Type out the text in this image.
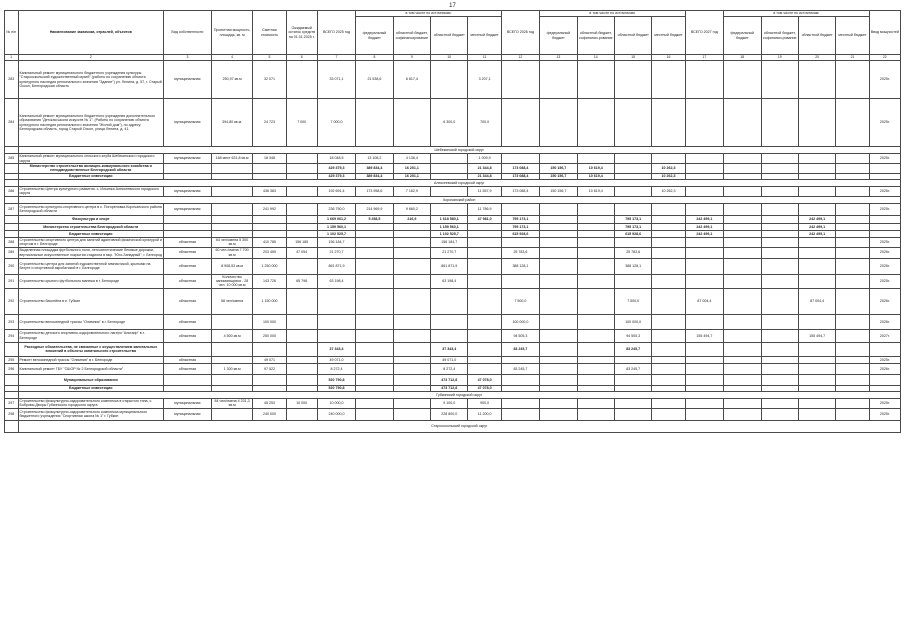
17
№ п/п	Наименование заказчика, отраслей, объектов	Вид собственности	Проектная мощность, площадь, кв. м	Сметная стоимость	Ожидаемый остаток средств на 01.01.2025 г.	ВСЕГО 2025 год	в том числе по источникам:				ВСЕГО 2026 год	в том числе по источникам:				ВСЕГО 2027 год	в том числе по источникам:				Ввод мощностей
							федеральный бюджет	областной бюджет, софинансирование	областной бюджет	местный бюджет		федеральный бюджет	областной бюджет, софинанси-рование	областной бюджет	местный бюджет		федеральный бюджет	областной бюджет, софинанси-рование	областной бюджет	местный бюджет	
1	2	3	4	5	6	7	8	9	10	11	12	13	14	15	16	17	18	19	20	21	22
283	Капитальный ремонт муниципального бюджетного учреждения культуры "Старооскольский художественный музей" (работы по сохранению объекта культурного наследия регионального значения "Здание") ул. Ленина, д. 57, г. Старый Оскол, Белгородская область	муниципальная	250,97 кв.м	32 071		33 071,1	21 538,6	6 817,4		3 207,1											2025г.
284	Капитальный ремонт муниципального бюджетного учреждения дополнительного образования "Детская школа искусств № 1". (Работы по сохранению объекта культурного наследия регионального значения "Жилой дом"), по адресу: Белгородская область, город Старый Оскол, улица Ленина, д. 41.	муниципальная	394,80 кв.м.	24 723	7 000	7 000,0			6 300,0	700,0											2025г.
	Шебекинский городской округ																				
285	Капитальный ремонт муниципального сельского клуба Шебекинского городского округа	муниципальная	168 мест 631,8 кв.м	18 348		18 048,5	13 108,2	4 136,4		1 009,9											2025г.
	Министерство строительства жилищно-коммунального хозяйства и неподведомственные Белгородской области					429 379,3	389 834,4	16 201,1		21 344,8	173 088,4	150 156,7	10 619,4		10 262,3						
	Бюджетные инвестиции					429 379,3	389 834,4	16 201,1		21 344,8	173 088,4	150 156,7	10 619,4		10 262,3						
	Алексеевский городской округ																				
286	Строительство Центра культурного развития. с. Ильинка Алексеевского городского округа	муниципальная		436 383		192 691,4	173 958,6	7 162,9		11 557,9	173 088,4	150 156,7	10 619,4		10 262,3						2026г.
	Корочанский район																				
287	Строительство культурно-спортивного центра в с. Погореловка Корочанского района Белгородской области	муниципальная		241 992		236 750,0	214 969,9	9 660,2		11 786,9											2025г.
	Физкультура и спорт					1 669 061,2	5 258,5	216,9	1 618 580,1	47 981,0	795 173,1			795 173,1		242 499,1			242 499,1		
	Министерство строительства Белгородской области					1 159 560,1			1 159 560,1		795 173,1			795 173,1		242 499,1			242 499,1		
	Бюджетные инвестиции					1 102 525,7			1 102 525,7		615 928,6			615 928,6		242 499,1			242 499,1		
288	Строительство спортивного центра для занятий адаптивной физической культурой и спортом в г. Белгороде	областная	64 чел/смена 5 300 кв.м	410 785	156 185	156 184,7			156 184,7												2025г.
289	Выделенная площадка футбольного поля, легкоатлетические беговые дорожки, вертикальные искусственные покрытия стадиона в мкр. "Юго-Западный", г. Белгород	областная	60 чел./смена 7 700 кв.м	203 459	47 054	21 270,7			21 270,7		25 783,6			25 783,6							2026г.
290	Строительство центра для занятий художественной гимнастикой, крытыми на батуте и спортивной акробатикой в г. Белгороде	областная	8 908,53 кв.м	1 250 000		861 871,9			861 871,9		388 128,1			388 128,1							2026г.
291	Строительство крытого футбольного манежа в г. Белгороде	областная	Количество занимающихся - 28 чел. 10 000 кв.м	143 726	65 798	63 198,4			63 198,4												2025г.
292	Строительство бассейна в п. Губкин	областная	58 чел/смена	1 150 000							7 500,0			7 500,0		87 004,4			87 004,4		2026г.
293	Строительство велосипедной трассы "Олимпия" в г. Белгороде	областная		100 000							100 000,0			100 000,0							2026г.
294	Строительство детского спортивно-оздоровительного лагеря "Альтаир" в г. Белгороде	областная	4 500 кв.м	250 000							94 505,3			94 505,3		155 494,7			155 494,7		2027г.
	Расходные обязательства, не связанные с осуществлением капитальных вложений в объекты капитального строительства					37 343,4			37 343,4		83 245,7			83 245,7							
295	Ремонт велосипедной трассы "Олимпия" в г. Белгороде	областная		49 071		49 071,0			49 071,0												2025г.
296	Капитальный ремонт ГБУ "СШОР № 2 Белгородской области"	областная	1 300 кв.м	97 522		8 272,4			8 272,4		83 245,7			83 245,7							2026г.
	Муниципальные образования					520 790,8			473 712,8	47 078,0											
	Бюджетные инвестиции					520 790,8			473 712,8	47 078,0											
	Губкинский городской округ																				
297	Строительство физкультурно-оздоровительного комплекса в открытого типа, с. Бобровы Дворы Губкинского городского округа	муниципальная	84 чел/смена 4 231,3 кв.м	45 253	10 000	10 000,0			9 100,0	900,0											2025г.
298	Строительство физкультурно-оздоровительного комплекса муниципального бюджетного учреждения "Спортивная школа № 1" г. Губкин	муниципальная		240 000		240 000,0			228 800,0	11 200,0											2025г.
	Старооскольский городской округ																				
